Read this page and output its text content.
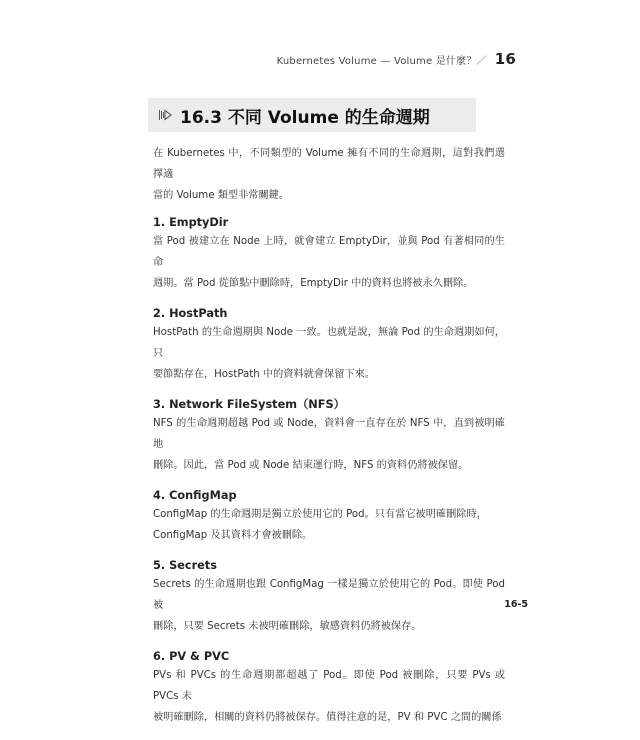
Kubernetes Volume — Volume 是什麼？／ 16
16.3 不同 Volume 的生命週期

在 Kubernetes 中，不同類型的 Volume 擁有不同的生命週期，這對我們選擇適
當的 Volume 類型非常關鍵。

1. EmptyDir

當 Pod 被建立在 Node 上時，就會建立 EmptyDir，並與 Pod 有著相同的生命
週期。當 Pod 從節點中刪除時，EmptyDir 中的資料也將被永久刪除。

2. HostPath

HostPath 的生命週期與 Node 一致。也就是說，無論 Pod 的生命週期如何，只
要節點存在，HostPath 中的資料就會保留下來。

3. Network FileSystem（NFS）

NFS 的生命週期超越 Pod 或 Node，資料會一直存在於 NFS 中，直到被明確地
刪除。因此，當 Pod 或 Node 結束運行時，NFS 的資料仍將被保留。

4. ConfigMap

ConfigMap 的生命週期是獨立於使用它的 Pod。只有當它被明確刪除時，
ConfigMap 及其資料才會被刪除。

5. Secrets

Secrets 的生命週期也跟 ConfigMag 一樣是獨立於使用它的 Pod。即使 Pod 被
刪除，只要 Secrets 未被明確刪除，敏感資料仍將被保存。

6. PV & PVC

PVs 和 PVCs 的生命週期都超越了 Pod。即使 Pod 被刪除，只要 PVs 或 PVCs 未
被明確刪除，相關的資料仍將被保存。值得注意的是，PV 和 PVC 之間的關係

16-5
